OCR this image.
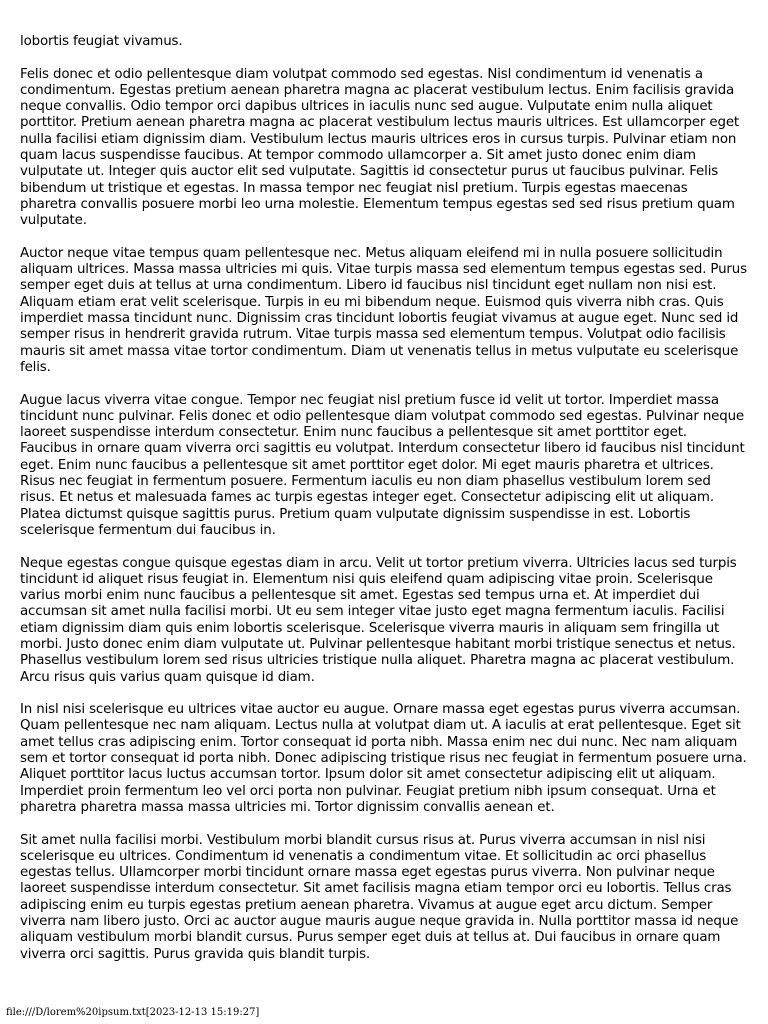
lobortis feugiat vivamus.

Felis donec et odio pellentesque diam volutpat commodo sed egestas. Nisl condimentum id venenatis a condimentum. Egestas pretium aenean pharetra magna ac placerat vestibulum lectus. Enim facilisis gravida neque convallis. Odio tempor orci dapibus ultrices in iaculis nunc sed augue. Vulputate enim nulla aliquet porttitor. Pretium aenean pharetra magna ac placerat vestibulum lectus mauris ultrices. Est ullamcorper eget nulla facilisi etiam dignissim diam. Vestibulum lectus mauris ultrices eros in cursus turpis. Pulvinar etiam non quam lacus suspendisse faucibus. At tempor commodo ullamcorper a. Sit amet justo donec enim diam vulputate ut. Integer quis auctor elit sed vulputate. Sagittis id consectetur purus ut faucibus pulvinar. Felis bibendum ut tristique et egestas. In massa tempor nec feugiat nisl pretium. Turpis egestas maecenas pharetra convallis posuere morbi leo urna molestie. Elementum tempus egestas sed sed risus pretium quam vulputate.

Auctor neque vitae tempus quam pellentesque nec. Metus aliquam eleifend mi in nulla posuere sollicitudin aliquam ultrices. Massa massa ultricies mi quis. Vitae turpis massa sed elementum tempus egestas sed. Purus semper eget duis at tellus at urna condimentum. Libero id faucibus nisl tincidunt eget nullam non nisi est. Aliquam etiam erat velit scelerisque. Turpis in eu mi bibendum neque. Euismod quis viverra nibh cras. Quis imperdiet massa tincidunt nunc. Dignissim cras tincidunt lobortis feugiat vivamus at augue eget. Nunc sed id semper risus in hendrerit gravida rutrum. Vitae turpis massa sed elementum tempus. Volutpat odio facilisis mauris sit amet massa vitae tortor condimentum. Diam ut venenatis tellus in metus vulputate eu scelerisque felis.

Augue lacus viverra vitae congue. Tempor nec feugiat nisl pretium fusce id velit ut tortor. Imperdiet massa tincidunt nunc pulvinar. Felis donec et odio pellentesque diam volutpat commodo sed egestas. Pulvinar neque laoreet suspendisse interdum consectetur. Enim nunc faucibus a pellentesque sit amet porttitor eget. Faucibus in ornare quam viverra orci sagittis eu volutpat. Interdum consectetur libero id faucibus nisl tincidunt eget. Enim nunc faucibus a pellentesque sit amet porttitor eget dolor. Mi eget mauris pharetra et ultrices. Risus nec feugiat in fermentum posuere. Fermentum iaculis eu non diam phasellus vestibulum lorem sed risus. Et netus et malesuada fames ac turpis egestas integer eget. Consectetur adipiscing elit ut aliquam. Platea dictumst quisque sagittis purus. Pretium quam vulputate dignissim suspendisse in est. Lobortis scelerisque fermentum dui faucibus in.

Neque egestas congue quisque egestas diam in arcu. Velit ut tortor pretium viverra. Ultricies lacus sed turpis tincidunt id aliquet risus feugiat in. Elementum nisi quis eleifend quam adipiscing vitae proin. Scelerisque varius morbi enim nunc faucibus a pellentesque sit amet. Egestas sed tempus urna et. At imperdiet dui accumsan sit amet nulla facilisi morbi. Ut eu sem integer vitae justo eget magna fermentum iaculis. Facilisi etiam dignissim diam quis enim lobortis scelerisque. Scelerisque viverra mauris in aliquam sem fringilla ut morbi. Justo donec enim diam vulputate ut. Pulvinar pellentesque habitant morbi tristique senectus et netus. Phasellus vestibulum lorem sed risus ultricies tristique nulla aliquet. Pharetra magna ac placerat vestibulum. Arcu risus quis varius quam quisque id diam.

In nisl nisi scelerisque eu ultrices vitae auctor eu augue. Ornare massa eget egestas purus viverra accumsan. Quam pellentesque nec nam aliquam. Lectus nulla at volutpat diam ut. A iaculis at erat pellentesque. Eget sit amet tellus cras adipiscing enim. Tortor consequat id porta nibh. Massa enim nec dui nunc. Nec nam aliquam sem et tortor consequat id porta nibh. Donec adipiscing tristique risus nec feugiat in fermentum posuere urna. Aliquet porttitor lacus luctus accumsan tortor. Ipsum dolor sit amet consectetur adipiscing elit ut aliquam. Imperdiet proin fermentum leo vel orci porta non pulvinar. Feugiat pretium nibh ipsum consequat. Urna et pharetra pharetra massa massa ultricies mi. Tortor dignissim convallis aenean et.

Sit amet nulla facilisi morbi. Vestibulum morbi blandit cursus risus at. Purus viverra accumsan in nisl nisi scelerisque eu ultrices. Condimentum id venenatis a condimentum vitae. Et sollicitudin ac orci phasellus egestas tellus. Ullamcorper morbi tincidunt ornare massa eget egestas purus viverra. Non pulvinar neque laoreet suspendisse interdum consectetur. Sit amet facilisis magna etiam tempor orci eu lobortis. Tellus cras adipiscing enim eu turpis egestas pretium aenean pharetra. Vivamus at augue eget arcu dictum. Semper viverra nam libero justo. Orci ac auctor augue mauris augue neque gravida in. Nulla porttitor massa id neque aliquam vestibulum morbi blandit cursus. Purus semper eget duis at tellus at. Dui faucibus in ornare quam viverra orci sagittis. Purus gravida quis blandit turpis.

file:///D/lorem%20ipsum.txt[2023-12-13 15:19:27]
